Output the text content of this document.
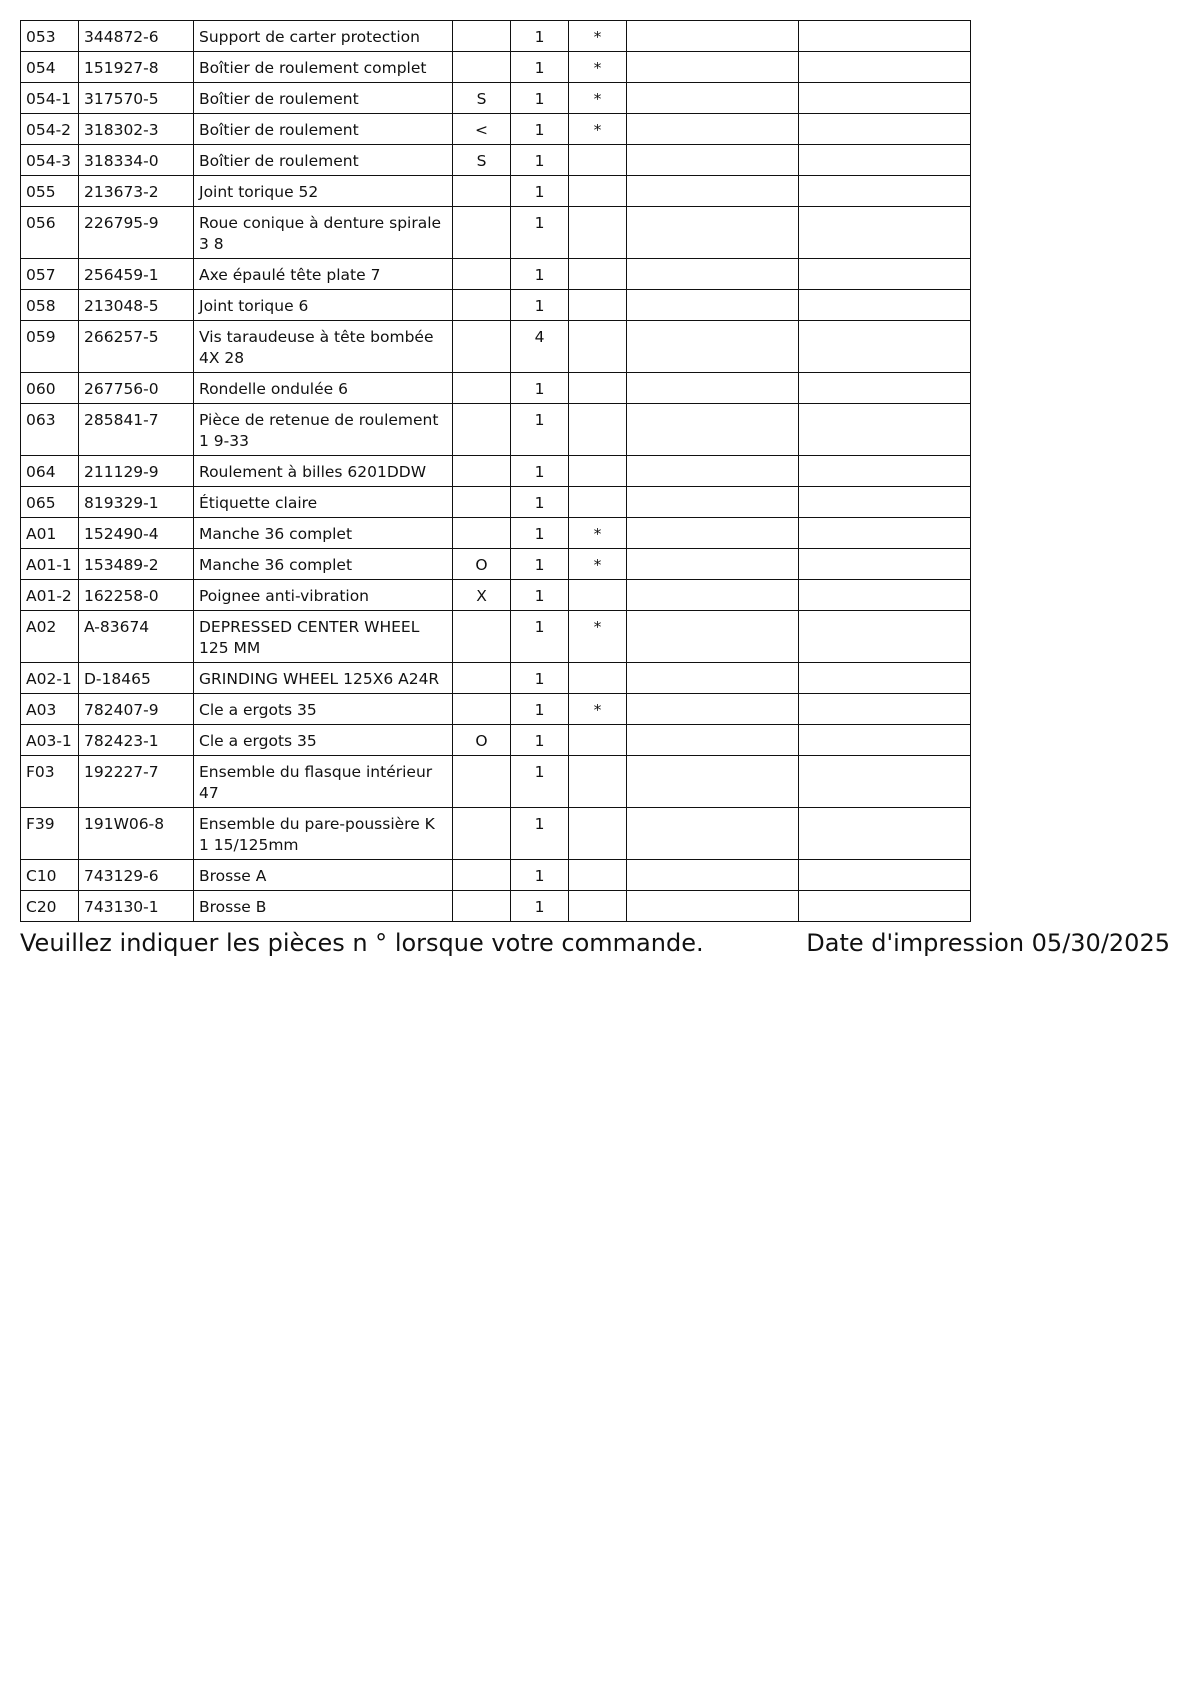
053	344872-6	Support de carter protection		1	*		
054	151927-8	Boîtier de roulement complet		1	*		
054-1	317570-5	Boîtier de roulement	S	1	*		
054-2	318302-3	Boîtier de roulement	<	1	*		
054-3	318334-0	Boîtier de roulement	S	1			
055	213673-2	Joint torique 52		1			
056	226795-9	Roue conique à denture spirale 3 8		1			
057	256459-1	Axe épaulé tête plate 7		1			
058	213048-5	Joint torique 6		1			
059	266257-5	Vis taraudeuse à tête bombée 4X 28		4			
060	267756-0	Rondelle ondulée 6		1			
063	285841-7	Pièce de retenue de roulement 1 9-33		1			
064	211129-9	Roulement à billes 6201DDW		1			
065	819329-1	Étiquette claire		1			
A01	152490-4	Manche 36 complet		1	*		
A01-1	153489-2	Manche 36 complet	O	1	*		
A01-2	162258-0	Poignee anti-vibration	X	1			
A02	A-83674	DEPRESSED CENTER WHEEL 125 MM		1	*		
A02-1	D-18465	GRINDING WHEEL 125X6 A24R		1			
A03	782407-9	Cle a ergots 35		1	*		
A03-1	782423-1	Cle a ergots 35	O	1			
F03	192227-7	Ensemble du flasque intérieur 47		1			
F39	191W06-8	Ensemble du pare-poussière K 1 15/125mm		1			
C10	743129-6	Brosse A		1			
C20	743130-1	Brosse B		1			
Veuillez indiquer les pièces n ° lorsque votre commande.	Date d'impression 05/30/2025
